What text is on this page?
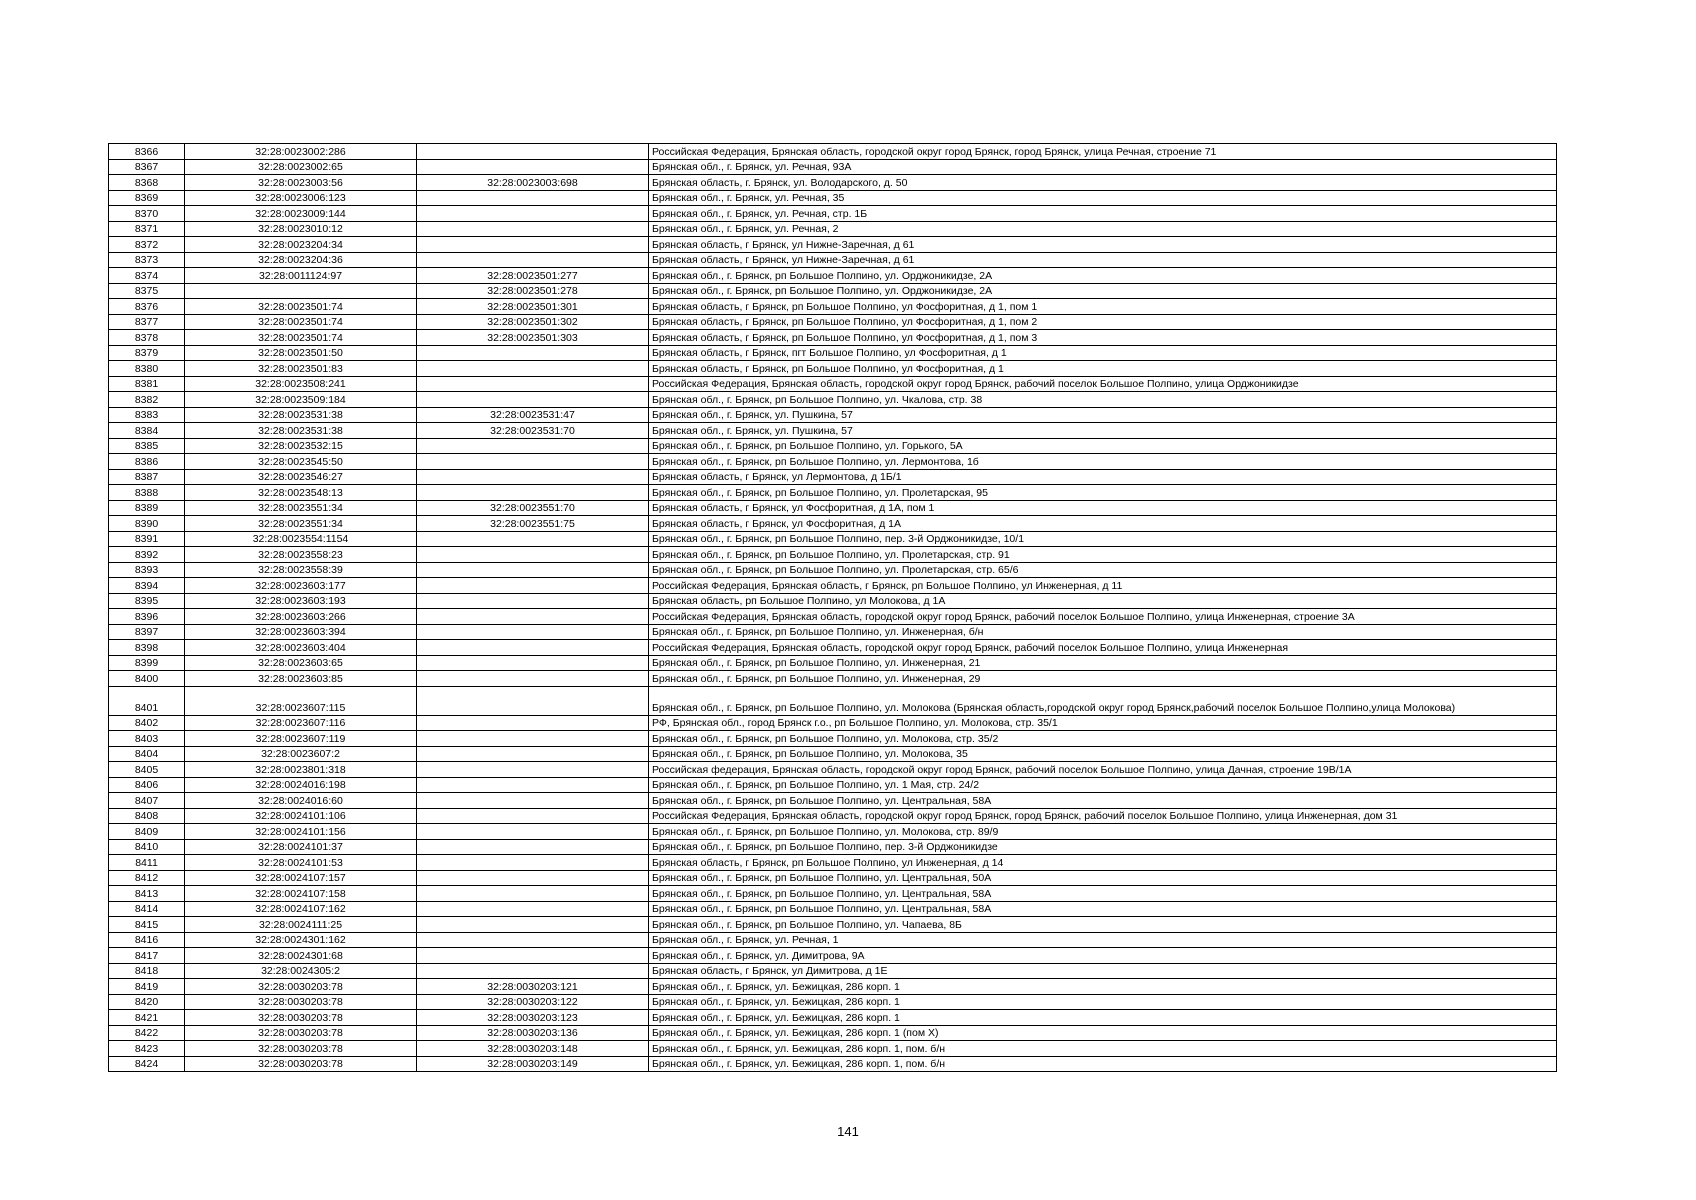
8366	32:28:0023002:286		Российская Федерация, Брянская область, городской округ город Брянск, город Брянск, улица Речная, строение 71
8367	32:28:0023002:65		Брянская обл., г. Брянск, ул. Речная, 93А
8368	32:28:0023003:56	32:28:0023003:698	Брянская область, г. Брянск, ул. Володарского, д. 50
8369	32:28:0023006:123		Брянская обл., г. Брянск, ул. Речная, 35
8370	32:28:0023009:144		Брянская обл., г. Брянск, ул. Речная, стр. 1Б
8371	32:28:0023010:12		Брянская обл., г. Брянск, ул. Речная, 2
8372	32:28:0023204:34		Брянская область, г Брянск, ул Нижне-Заречная, д 61
8373	32:28:0023204:36		Брянская область, г Брянск, ул Нижне-Заречная, д 61
8374	32:28:0011124:97	32:28:0023501:277	Брянская обл., г. Брянск, рп Большое Полпино, ул. Орджоникидзе, 2А
8375		32:28:0023501:278	Брянская обл., г. Брянск, рп Большое Полпино, ул. Орджоникидзе, 2А
8376	32:28:0023501:74	32:28:0023501:301	Брянская область, г Брянск, рп Большое Полпино, ул Фосфоритная, д 1, пом 1
8377	32:28:0023501:74	32:28:0023501:302	Брянская область, г Брянск, рп Большое Полпино, ул Фосфоритная, д 1, пом 2
8378	32:28:0023501:74	32:28:0023501:303	Брянская область, г Брянск, рп Большое Полпино, ул Фосфоритная, д 1, пом 3
8379	32:28:0023501:50		Брянская область, г Брянск, пгт Большое Полпино, ул Фосфоритная, д 1
8380	32:28:0023501:83		Брянская область, г Брянск, рп Большое Полпино, ул Фосфоритная, д 1
8381	32:28:0023508:241		Российская Федерация, Брянская область, городской округ город Брянск, рабочий поселок Большое Полпино, улица Орджоникидзе
8382	32:28:0023509:184		Брянская обл., г. Брянск, рп Большое Полпино, ул. Чкалова, стр. 38
8383	32:28:0023531:38	32:28:0023531:47	Брянская обл., г. Брянск, ул. Пушкина, 57
8384	32:28:0023531:38	32:28:0023531:70	Брянская обл., г. Брянск, ул. Пушкина, 57
8385	32:28:0023532:15		Брянская обл., г. Брянск, рп Большое Полпино, ул. Горького, 5А
8386	32:28:0023545:50		Брянская обл., г. Брянск, рп Большое Полпино, ул. Лермонтова, 1б
8387	32:28:0023546:27		Брянская область, г Брянск, ул Лермонтова, д 1Б/1
8388	32:28:0023548:13		Брянская обл., г. Брянск, рп Большое Полпино, ул. Пролетарская, 95
8389	32:28:0023551:34	32:28:0023551:70	Брянская область, г Брянск, ул Фосфоритная, д 1А, пом 1
8390	32:28:0023551:34	32:28:0023551:75	Брянская область, г Брянск, ул Фосфоритная, д 1А
8391	32:28:0023554:1154		Брянская обл., г. Брянск, рп Большое Полпино, пер. 3-й Орджоникидзе, 10/1
8392	32:28:0023558:23		Брянская обл., г. Брянск, рп Большое Полпино, ул. Пролетарская, стр. 91
8393	32:28:0023558:39		Брянская обл., г. Брянск, рп Большое Полпино, ул. Пролетарская, стр. 65/6
8394	32:28:0023603:177		Российская Федерация, Брянская область, г Брянск, рп Большое Полпино, ул Инженерная, д 11
8395	32:28:0023603:193		Брянская область, рп Большое Полпино, ул Молокова, д 1А
8396	32:28:0023603:266		Российская Федерация, Брянская область, городской округ город Брянск, рабочий поселок Большое Полпино, улица Инженерная, строение 3А
8397	32:28:0023603:394		Брянская обл., г. Брянск, рп Большое Полпино, ул. Инженерная, б/н
8398	32:28:0023603:404		Российская Федерация, Брянская область, городской округ город Брянск, рабочий поселок Большое Полпино, улица Инженерная
8399	32:28:0023603:65		Брянская обл., г. Брянск, рп Большое Полпино, ул. Инженерная, 21
8400	32:28:0023603:85		Брянская обл., г. Брянск, рп Большое Полпино, ул. Инженерная, 29
8401	32:28:0023607:115		Брянская обл., г. Брянск, рп Большое Полпино, ул. Молокова (Брянская область,городской округ город Брянск,рабочий поселок Большое Полпино,улица Молокова)
8402	32:28:0023607:116		РФ, Брянская обл., город Брянск г.о., рп Большое Полпино, ул. Молокова, стр. 35/1
8403	32:28:0023607:119		Брянская обл., г. Брянск, рп Большое Полпино, ул. Молокова, стр. 35/2
8404	32:28:0023607:2		Брянская обл., г. Брянск, рп Большое Полпино, ул. Молокова, 35
8405	32:28:0023801:318		Российская федерация, Брянская область, городской округ город Брянск, рабочий поселок Большое Полпино, улица Дачная, строение 19В/1А
8406	32:28:0024016:198		Брянская обл., г. Брянск, рп Большое Полпино, ул. 1 Мая, стр. 24/2
8407	32:28:0024016:60		Брянская обл., г. Брянск, рп Большое Полпино, ул. Центральная, 58А
8408	32:28:0024101:106		Российская Федерация, Брянская область, городской округ город Брянск, город Брянск, рабочий поселок Большое Полпино, улица Инженерная, дом 31
8409	32:28:0024101:156		Брянская обл., г. Брянск, рп Большое Полпино, ул. Молокова, стр. 89/9
8410	32:28:0024101:37		Брянская обл., г. Брянск, рп Большое Полпино, пер. 3-й Орджоникидзе
8411	32:28:0024101:53		Брянская область, г Брянск, рп Большое Полпино, ул Инженерная, д 14
8412	32:28:0024107:157		Брянская обл., г. Брянск, рп Большое Полпино, ул. Центральная, 50А
8413	32:28:0024107:158		Брянская обл., г. Брянск, рп Большое Полпино, ул. Центральная, 58А
8414	32:28:0024107:162		Брянская обл., г. Брянск, рп Большое Полпино, ул. Центральная, 58А
8415	32:28:0024111:25		Брянская обл., г. Брянск, рп Большое Полпино, ул. Чапаева, 8Б
8416	32:28:0024301:162		Брянская обл., г. Брянск, ул. Речная, 1
8417	32:28:0024301:68		Брянская обл., г. Брянск, ул. Димитрова, 9А
8418	32:28:0024305:2		Брянская область, г Брянск, ул Димитрова, д 1Е
8419	32:28:0030203:78	32:28:0030203:121	Брянская обл., г. Брянск, ул. Бежицкая, 286 корп. 1
8420	32:28:0030203:78	32:28:0030203:122	Брянская обл., г. Брянск, ул. Бежицкая, 286 корп. 1
8421	32:28:0030203:78	32:28:0030203:123	Брянская обл., г. Брянск, ул. Бежицкая, 286 корп. 1
8422	32:28:0030203:78	32:28:0030203:136	Брянская обл., г. Брянск, ул. Бежицкая, 286 корп. 1 (пом Х)
8423	32:28:0030203:78	32:28:0030203:148	Брянская обл., г. Брянск, ул. Бежицкая, 286 корп. 1, пом. б/н
8424	32:28:0030203:78	32:28:0030203:149	Брянская обл., г. Брянск, ул. Бежицкая, 286 корп. 1, пом. б/н
141
